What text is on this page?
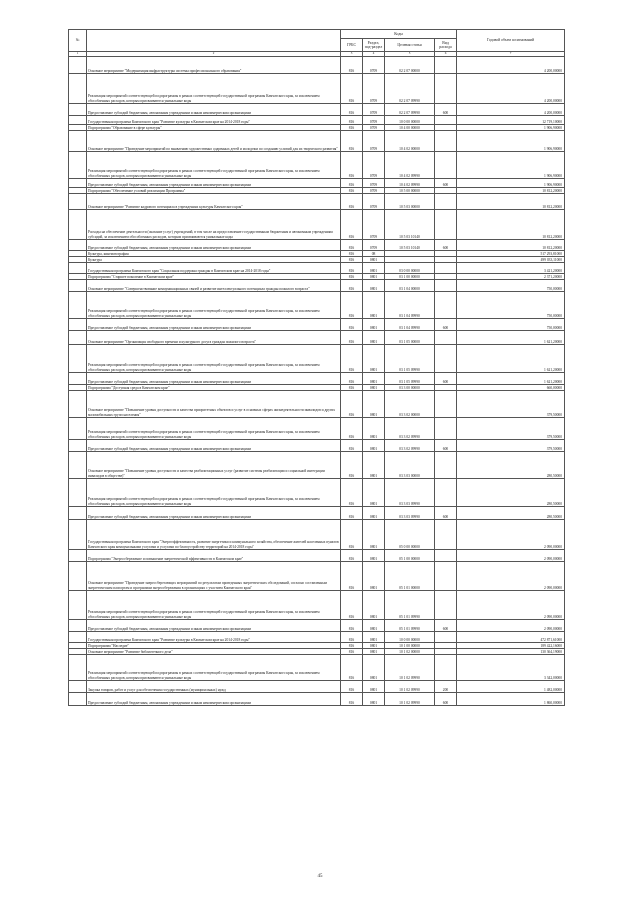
№		Коды				Годовой объем ассигнований
		ГРБС	Раздел, под-раздел	Целевая статья	Вид расхода	
1	2	3	4	5	6	7
	Основное мероприятие "Модернизация инфраструктуры системы профессионального образования"	816	0709	02 2 07 00000		4 200,00000
	Реализация мероприятий соответствующей подпрограммы в рамках соответствующей государственной программы Камчатского края, за исключением обособленных расходов, которым присваиваются уникальные коды	816	0709	02 2 07 09990		4 200,00000
	Предоставление субсидий бюджетным, автономным учреждениям и иным некоммерческим организациям	816	0709	02 2 07 09990	600	4 200,00000
	Государственная программа Камчатского края "Развитие культуры в Камчатском крае на 2014-2018 годы"	816	0709	10 0 00 00000		12 719,10000
	Подпрограмма "Образование в сфере культуры"	816	0709	10 4 00 00000		1 906,90000
	Основное мероприятие "Проведение мероприятий по выявлению художественно одаренных детей и молодежи по созданию условий для их творческого развития"	816	0709	10 4 02 00000		1 906,90000
	Реализация мероприятий соответствующей подпрограммы в рамках соответствующей государственной программы Камчатского края, за исключением обособленных расходов, которым присваиваются уникальные коды	816	0709	10 4 02 09990		1 906,90000
	Предоставление субсидий бюджетным, автономным учреждениям и иным некоммерческим организациям	816	0709	10 4 02 09990	600	1 906,90000
	Подпрограмма "Обеспечение условий реализации Программы"	816	0709	10 5 00 00000		10 812,20000
	Основное мероприятие "Развитие кадрового потенциала в учреждениях культуры Камчатского края"	816	0709	10 5 03 00000		10 812,20000
	Расходы на обеспечение деятельности (оказание услуг) учреждений, в том числе на предоставление государственным бюджетным и автономным учреждениям субсидий, за исключением обособленных расходов, которым присваиваются уникальные коды	816	0709	10 5 03 10140		10 812,20000
	Предоставление субсидий бюджетным, автономным учреждениям и иным некоммерческим организациям	816	0709	10 5 03 10140	600	10 812,20000
	Культура, кинематография	816	08			517 293,81000
	Культура	816	0801			499 033,11000
	Государственная программа Камчатского края "Социальная поддержка граждан в Камчатском крае на 2014-2018 годы"	816	0801	03 0 00 00000		3 421,20000
	Подпрограмма "Старшее поколение в Камчатском крае"	816	0801	03 1 00 00000		2 371,20000
	Основное мероприятие "Совершенствование коммуникационных связей и развитие интеллектуального потенциала граждан пожилого возраста"	816	0801	03 1 04 00000		750,00000
	Реализация мероприятий соответствующей подпрограммы в рамках соответствующей государственной программы Камчатского края, за исключением обособленных расходов, которым присваиваются уникальные коды	816	0801	03 1 04 09990		750,00000
	Предоставление субсидий бюджетным, автономным учреждениям и иным некоммерческим организациям	816	0801	03 1 04 09990	600	750,00000
	Основное мероприятие "Организация свободного времени и культурного досуга граждан пожилого возраста"	816	0801	03 1 05 00000		1 621,20000
	Реализация мероприятий соответствующей подпрограммы в рамках соответствующей государственной программы Камчатского края, за исключением обособленных расходов, которым присваиваются уникальные коды	816	0801	03 1 05 09990		1 621,20000
	Предоставление субсидий бюджетным, автономным учреждениям и иным некоммерческим организациям	816	0801	03 1 05 09990	600	1 621,20000
	Подпрограмма "Доступная среда в Камчатском крае"	816	0801	03 3 00 00000		660,00000
	Основное мероприятие "Повышение уровня доступности и качества приоритетных объектов и услуг в основных сферах жизнедеятельности инвалидов и других маломобильных групп населения"	816	0801	03 3 02 00000		379,50000
	Реализация мероприятий соответствующей подпрограммы в рамках соответствующей государственной программы Камчатского края, за исключением обособленных расходов, которым присваиваются уникальные коды	816	0801	03 3 02 09990		379,50000
	Предоставление субсидий бюджетным, автономным учреждениям и иным некоммерческим организациям	816	0801	03 3 02 09990	600	379,50000
	Основное мероприятие "Повышение уровня доступности и качества реабилитационных услуг (развитие системы реабилитации и социальной интеграции инвалидов в обществе)"	816	0801	03 3 03 00000		280,50000
	Реализация мероприятий соответствующей подпрограммы в рамках соответствующей государственной программы Камчатского края, за исключением обособленных расходов, которым присваиваются уникальные коды	816	0801	03 3 03 09990		280,50000
	Предоставление субсидий бюджетным, автономным учреждениям и иным некоммерческим организациям	816	0801	03 3 03 09990	600	280,50000
	Государственная программа Камчатского края "Энергоэффективность, развитие энергетики и коммунального хозяйства, обеспечение жителей населенных пунктов Камчатского края коммунальными услугами и услугами по благоустройству территорий на 2014-2018 годы"	816	0801	05 0 00 00000		2 090,00000
	Подпрограмма "Энергосбережение и повышение энергетической эффективности в Камчатском крае"	816	0801	05 1 00 00000		2 090,00000
	Основное мероприятие "Проведение энергосберегающих мероприятий по результатам проведенных энергетических обследований, согласно составленным энергетическим паспортам и программам энергосбережения в организациях с участием Камчатского края"	816	0801	05 1 01 00000		2 090,00000
	Реализация мероприятий соответствующей подпрограммы в рамках соответствующей государственной программы Камчатского края, за исключением обособленных расходов, которым присваиваются уникальные коды	816	0801	05 1 01 09990		2 090,00000
	Предоставление субсидий бюджетным, автономным учреждениям и иным некоммерческим организациям	816	0801	05 1 01 09990	600	2 090,00000
	Государственная программа Камчатского края "Развитие культуры в Камчатском крае на 2014-2018 годы"	816	0801	10 0 00 00000		472 871,61000
	Подпрограмма "Наследие"	816	0801	10 1 00 00000		189 422,16000
	Основное мероприятие "Развитие библиотечного дела"	816	0801	10 1 02 00000		130 364,19000
	Реализация мероприятий соответствующей подпрограммы в рамках соответствующей государственной программы Камчатского края, за исключением обособленных расходов, которым присваиваются уникальные коды	816	0801	10 1 02 09990		3 342,00000
	Закупка товаров, работ и услуг для обеспечения государственных (муниципальных) нужд	816	0801	10 1 02 09990	200	1 482,00000
	Предоставление субсидий бюджетным, автономным учреждениям и иным некоммерческим организациям	816	0801	10 1 02 09990	600	1 860,00000
45
